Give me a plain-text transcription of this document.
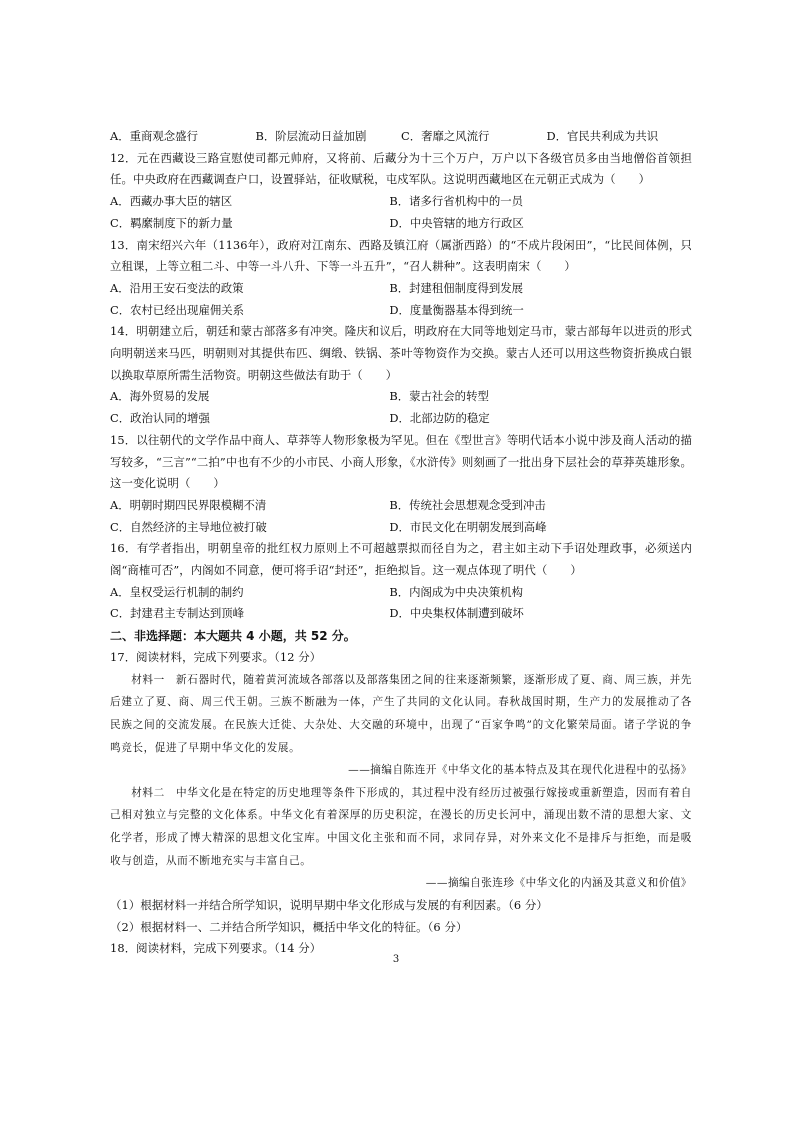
A．重商观念盛行	B．阶层流动日益加剧	C．奢靡之风流行	D．官民共利成为共识
12．元在西藏设三路宣慰使司都元帅府，又将前、后藏分为十三个万户，万户以下各级官员多由当地僧俗首领担任。中央政府在西藏调查户口，设置驿站，征收赋税，屯戍军队。这说明西藏地区在元朝正式成为（　　）
A．西藏办事大臣的辖区	B．诸多行省机构中的一员
C．羁縻制度下的新力量	D．中央管辖的地方行政区
13．南宋绍兴六年（1136年），政府对江南东、西路及镇江府（属浙西路）的“不成片段闲田”，“比民间体例，只立租课，上等立租二斗、中等一斗八升、下等一斗五升”，“召人耕种”。这表明南宋（　　）
A．沿用王安石变法的政策	B．封建租佃制度得到发展
C．农村已经出现雇佣关系	D．度量衡器基本得到统一
14．明朝建立后，朝廷和蒙古部落多有冲突。隆庆和议后，明政府在大同等地划定马市，蒙古部每年以进贡的形式向明朝送来马匹，明朝则对其提供布匹、绸缎、铁锅、茶叶等物资作为交换。蒙古人还可以用这些物资折换成白银以换取草原所需生活物资。明朝这些做法有助于（　　）
A．海外贸易的发展	B．蒙古社会的转型
C．政治认同的增强	D．北部边防的稳定
15．以往朝代的文学作品中商人、草莽等人物形象极为罕见。但在《型世言》等明代话本小说中涉及商人活动的描写较多，“三言”“二拍”中也有不少的小市民、小商人形象，《水浒传》则刻画了一批出身下层社会的草莽英雄形象。这一变化说明（　　）
A．明朝时期四民界限模糊不清	B．传统社会思想观念受到冲击
C．自然经济的主导地位被打破	D．市民文化在明朝发展到高峰
16．有学者指出，明朝皇帝的批红权力原则上不可超越票拟而径自为之，君主如主动下手诏处理政事，必须送内阁“商榷可否”，内阁如不同意，便可将手诏“封还”，拒绝拟旨。这一观点体现了明代（　　）
A．皇权受运行机制的制约	B．内阁成为中央决策机构
C．封建君主专制达到顶峰	D．中央集权体制遭到破坏
二、非选择题：本大题共 4 小题，共 52 分。
17．阅读材料，完成下列要求。（12 分）
材料一　新石器时代，随着黄河流域各部落以及部落集团之间的往来逐渐频繁，逐渐形成了夏、商、周三族，并先后建立了夏、商、周三代王朝。三族不断融为一体，产生了共同的文化认同。春秋战国时期，生产力的发展推动了各民族之间的交流发展。在民族大迁徙、大杂处、大交融的环境中，出现了“百家争鸣”的文化繁荣局面。诸子学说的争鸣竞长，促进了早期中华文化的发展。
——摘编自陈连开《中华文化的基本特点及其在现代化进程中的弘扬》
材料二　中华文化是在特定的历史地理等条件下形成的，其过程中没有经历过被强行嫁接或重新塑造，因而有着自己相对独立与完整的文化体系。中华文化有着深厚的历史积淀，在漫长的历史长河中，涌现出数不清的思想大家、文化学者，形成了博大精深的思想文化宝库。中国文化主张和而不同，求同存异，对外来文化不是排斥与拒绝，而是吸收与创造，从而不断地充实与丰富自己。
——摘编自张连珍《中华文化的内涵及其意义和价值》
（1）根据材料一并结合所学知识，说明早期中华文化形成与发展的有利因素。（6 分）
（2）根据材料一、二并结合所学知识，概括中华文化的特征。（6 分）
18．阅读材料，完成下列要求。（14 分）
3
